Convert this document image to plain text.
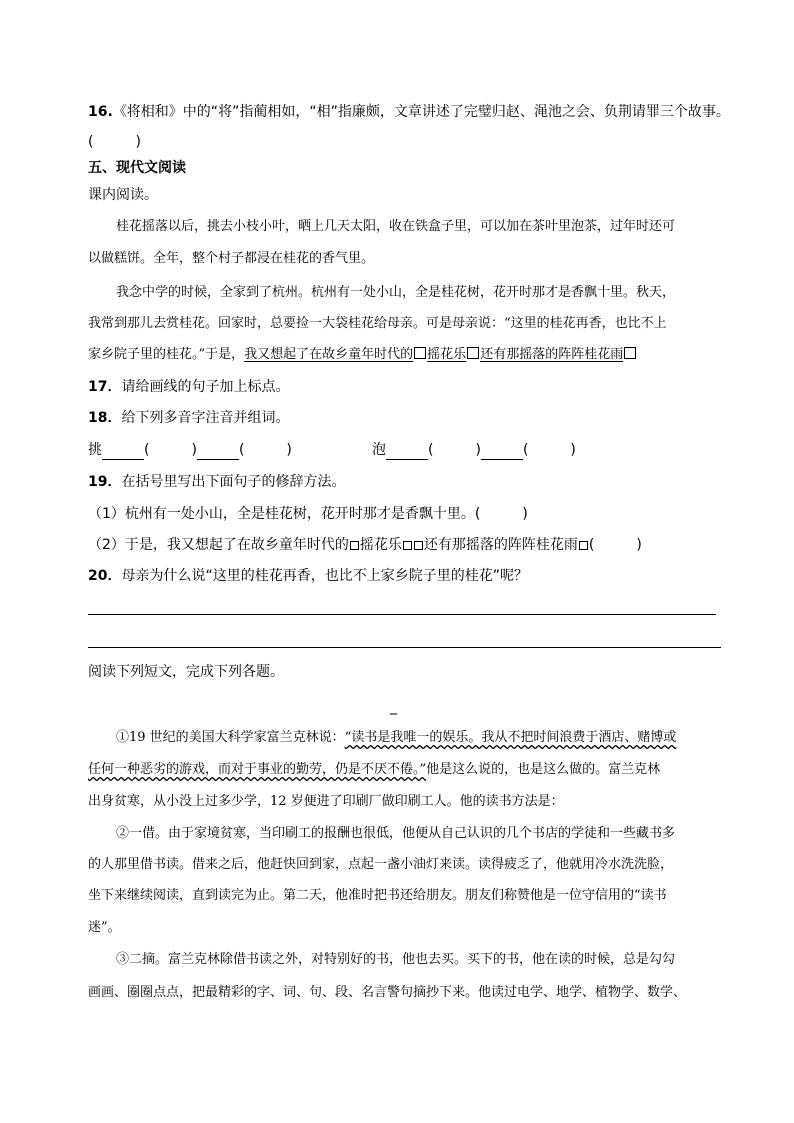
16.《将相和》中的“将”指蔺相如，“相”指廉颇，文章讲述了完璧归赵、渑池之会、负荆请罪三个故事。
(　　　)
五、现代文阅读
课内阅读。
桂花摇落以后，挑去小枝小叶，晒上几天太阳，收在铁盒子里，可以加在茶叶里泡茶，过年时还可
以做糕饼。全年，整个村子都浸在桂花的香气里。
我念中学的时候，全家到了杭州。杭州有一处小山，全是桂花树，花开时那才是香飘十里。秋天，
我常到那儿去赏桂花。回家时，总要捡一大袋桂花给母亲。可是母亲说：“这里的桂花再香，也比不上
家乡院子里的桂花。”于是，我又想起了在故乡童年时代的 摇花乐 还有那摇落的阵阵桂花雨
17．请给画线的句子加上标点。
18．给下列多音字注音并组词。
挑	(　　　)	(　　　)	泡	(　　　)	(　　　)
19．在括号里写出下面句子的修辞方法。
（1）杭州有一处小山，全是桂花树，花开时那才是香飘十里。(　　　)
（2）于是，我又想起了在故乡童年时代的 摇花乐 还有那摇落的阵阵桂花雨 (　　　)
20．母亲为什么说“这里的桂花再香，也比不上家乡院子里的桂花”呢？
阅读下列短文，完成下列各题。
_
①19 世纪的美国大科学家富兰克林说：“读书是我唯一的娱乐。我从不把时间浪费于酒店、赌博或
任何一种恶劣的游戏，而对于事业的勤劳，仍是不厌不倦。”他是这么说的，也是这么做的。富兰克林
出身贫寒，从小没上过多少学，12 岁便进了印刷厂做印刷工人。他的读书方法是：
②一借。由于家境贫寒，当印刷工的报酬也很低，他便从自己认识的几个书店的学徒和一些藏书多
的人那里借书读。借来之后，他赶快回到家，点起一盏小油灯来读。读得疲乏了，他就用冷水洗洗脸，
坐下来继续阅读，直到读完为止。第二天，他准时把书还给朋友。朋友们称赞他是一位守信用的“读书
迷”。
③二摘。富兰克林除借书读之外，对特别好的书，他也去买。买下的书，他在读的时候，总是勾勾
画画、圈圈点点，把最精彩的字、词、句、段、名言警句摘抄下来。他读过电学、地学、植物学、数学、
